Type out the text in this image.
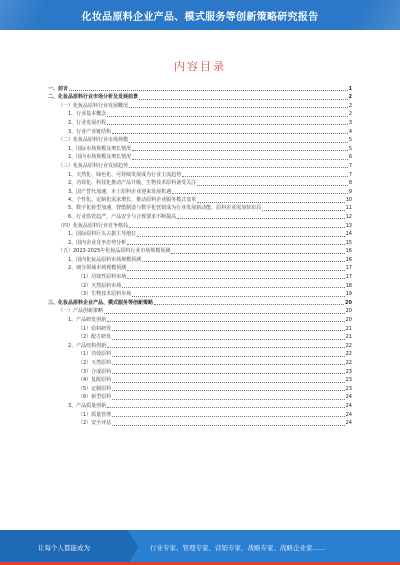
化妆品原料企业产品、模式服务等创新策略研究报告
内容目录
一、前言	1
二、化妆品原料行业市场分析及发展前景	2
（一）化妆品原料行业发展概况	2
1、行业基本概念	2
2、行业发展历程	3
3、行业产业链结构	4
（二）化妆品原料行业市场规模	5
1、国际市场规模及增长情况	5
2、国内市场规模及增长情况	6
（三）化妆品原料行业发展趋势	7
1、天然化、绿色化、可持续发展成为行业主流趋势	7
2、功效化、科技化推动产品升级，生物技术原料备受关注	8
3、国产替代加速，本土原料企业迎来发展机遇	9
4、个性化、定制化需求增长，推动原料企业服务模式变革	10
5、数字化转型加速，智能制造与数字化营销成为行业发展新动能，原料企业需加快布局	11
6、行业监管趋严，产品安全与合规要求不断提高	12
（四）化妆品原料行业竞争格局	13
1、国际原料巨头占据主导地位	14
2、国内企业竞争态势分析	15
（五）2023-2025年化妆品原料行业市场规模预测	16
1、国内化妆品原料市场规模预测	16
2、细分领域市场规模预测	17
（1）功效性原料市场	17
（2）天然原料市场	18
（3）生物技术原料市场	19
三、化妆品原料企业产品、模式服务等创新策略	20
（一）产品创新策略	20
1、产品研发创新	20
（1）原料研发	21
（2）配方研发	21
2、产品结构创新	22
（1）功效原料	22
（2）天然原料	22
（3）合成原料	23
（4）复配原料	23
（5）定制原料	23
（6）新型原料	24
3、产品质量创新	24
（1）质量管理	24
（2）安全评估	24
让每个人都能成为	行业专家、管理专家、营销专家、战略专家、战略企业家……
